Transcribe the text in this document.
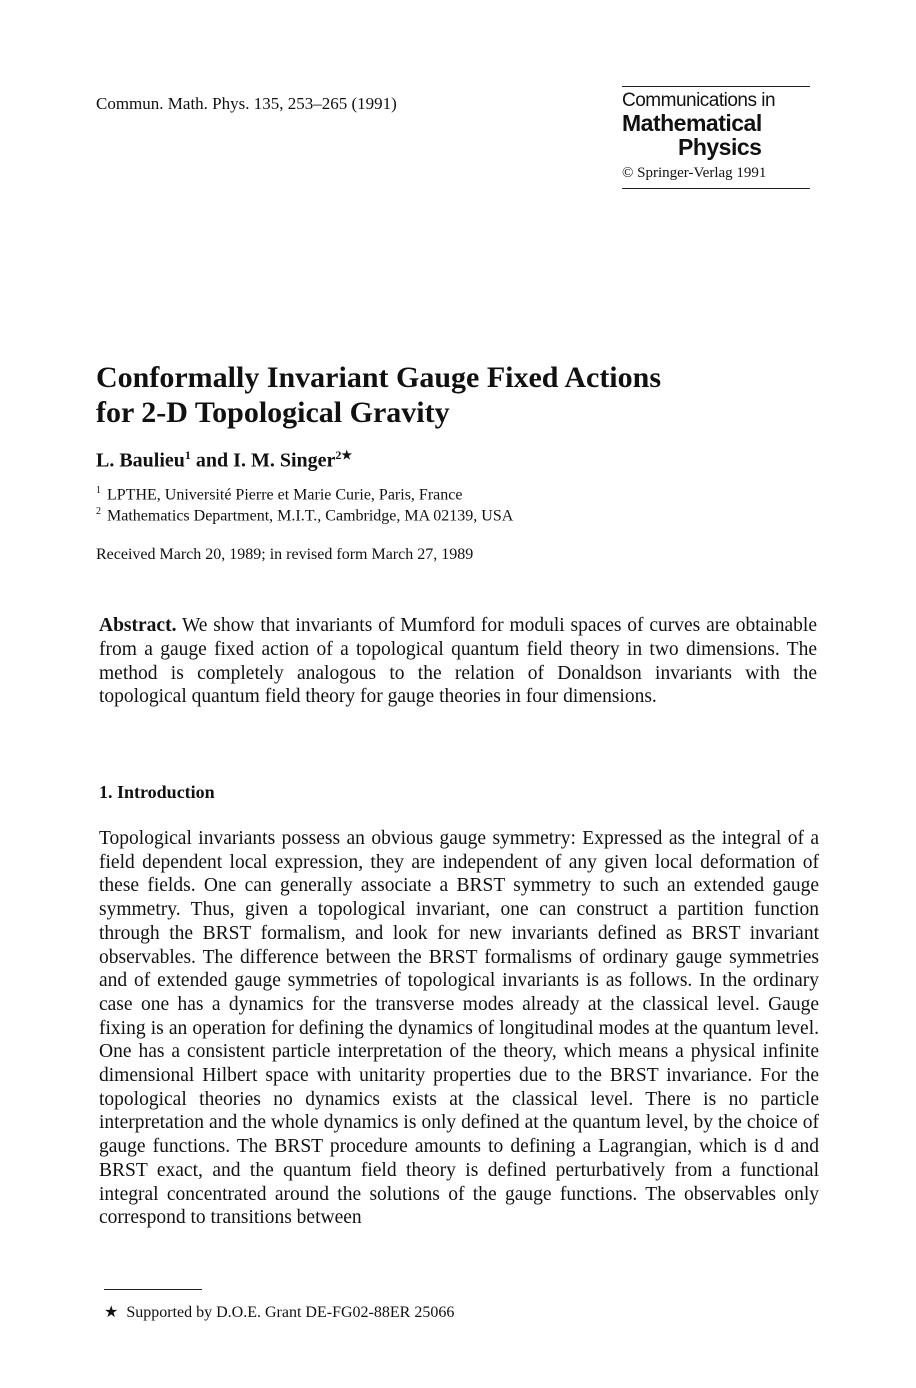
Commun. Math. Phys. 135, 253–265 (1991)	Communications in
Mathematical
Physics
© Springer-Verlag 1991
Conformally Invariant Gauge Fixed Actions
for 2-D Topological Gravity
L. Baulieu$^1$ and I. M. Singer$^{2★}$
$^1$ LPTHE, Université Pierre et Marie Curie, Paris, France
$^2$ Mathematics Department, M.I.T., Cambridge, MA 02139, USA
Received March 20, 1989; in revised form March 27, 1989

Abstract. We show that invariants of Mumford for moduli spaces of curves are obtainable from a gauge fixed action of a topological quantum field theory in two dimensions. The method is completely analogous to the relation of Donaldson invariants with the topological quantum field theory for gauge theories in four dimensions.

1. Introduction

Topological invariants possess an obvious gauge symmetry: Expressed as the integral of a field dependent local expression, they are independent of any given local deformation of these fields. One can generally associate a BRST symmetry to such an extended gauge symmetry. Thus, given a topological invariant, one can construct a partition function through the BRST formalism, and look for new invariants defined as BRST invariant observables. The difference between the BRST formalisms of ordinary gauge symmetries and of extended gauge symmetries of topological invariants is as follows. In the ordinary case one has a dynamics for the transverse modes already at the classical level. Gauge fixing is an operation for defining the dynamics of longitudinal modes at the quantum level. One has a consistent particle interpretation of the theory, which means a physical infinite dimensional Hilbert space with unitarity properties due to the BRST invariance. For the topological theories no dynamics exists at the classical level. There is no particle interpretation and the whole dynamics is only defined at the quantum level, by the choice of gauge functions. The BRST procedure amounts to defining a Lagrangian, which is d and BRST exact, and the quantum field theory is defined perturbatively from a functional integral concentrated around the solutions of the gauge functions. The observables only correspond to transitions between

★ Supported by D.O.E. Grant DE-FG02-88ER 25066
